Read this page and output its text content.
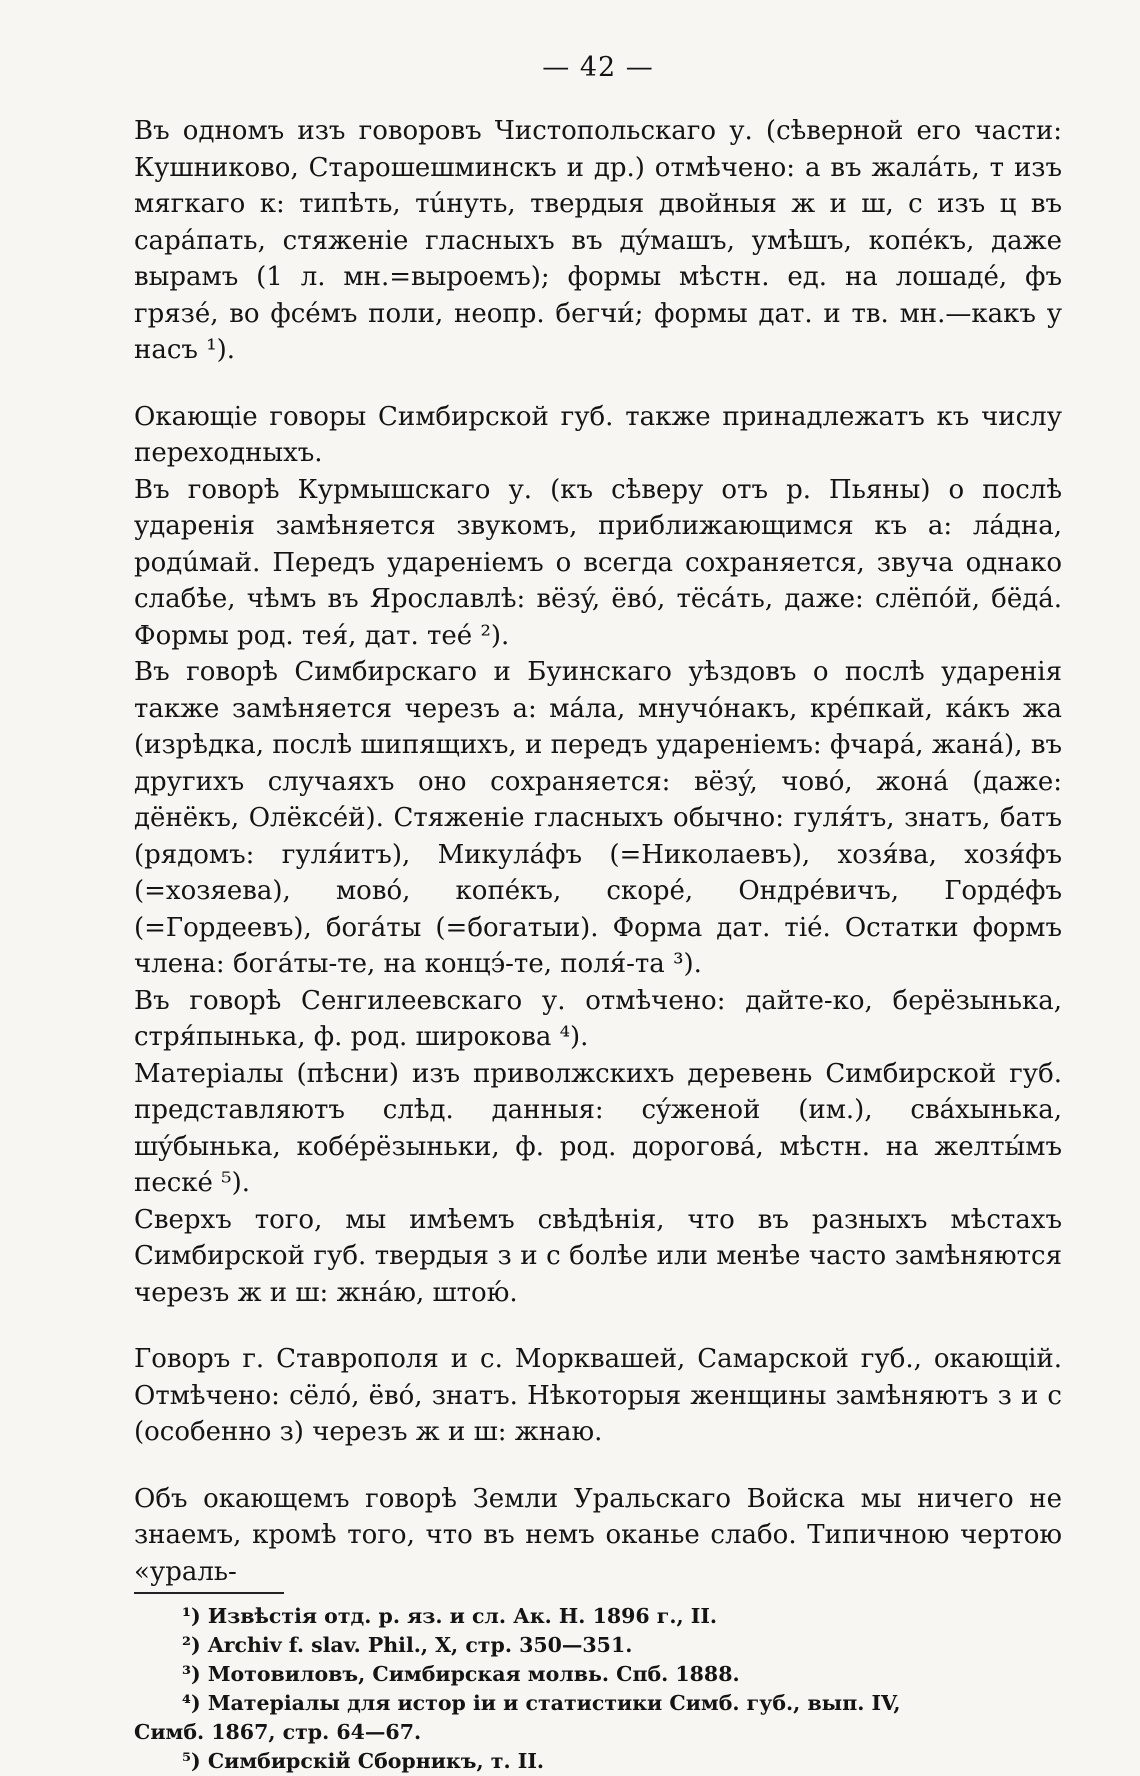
— 42 —

Въ одномъ изъ говоровъ Чистопольскаго у. (сѣверной его части: Кушниково, Старошешминскъ и др.) отмѣчено: а въ жалáть, т изъ мягкаго к: типѣть, тúнуть, твердыя двойныя ж и ш, с изъ ц въ сарáпать, стяженіе гласныхъ въ дýмашъ, умѣшъ, копéкъ, даже вырамъ (1 л. мн.=выроемъ); формы мѣстн. ед. на лошадé, фъ грязé, во фсéмъ поли, неопр. бегчи́; формы дат. и тв. мн.—какъ у насъ ¹).

Окающіе говоры Симбирской губ. также принадлежатъ къ числу переходныхъ.

Въ говорѣ Курмышскаго у. (къ сѣверу отъ р. Пьяны) о послѣ ударенія замѣняется звукомъ, приближающимся къ а: лáдна, родúмай. Передъ удареніемъ о всегда сохраняется, звуча однако слабѣе, чѣмъ въ Ярославлѣ: вёзý, ёвó, тёсáть, даже: слёпóй, бёдá. Формы род. тея́, дат. тее́ ²).

Въ говорѣ Симбирскаго и Буинскаго уѣздовъ о послѣ ударенія также замѣняется черезъ а: мáла, мнучóнакъ, крéпкай, кáкъ жа (изрѣдка, послѣ шипящихъ, и передъ удареніемъ: фчарá, жанá), въ другихъ случаяхъ оно сохраняется: вёзý, човó, жонá (даже: дёнёкъ, Олёксéй). Стяженіе гласныхъ обычно: гуля́тъ, знатъ, батъ (рядомъ: гуля́итъ), Микулáфъ (=Николаевъ), хозя́ва, хозя́фъ (=хозяева), мовó, копéкъ, скорé, Ондрéвичъ, Гордéфъ (=Гордеевъ), богáты (=богатыи). Форма дат. тіé. Остатки формъ члена: богáты-те, на концэ́-те, поля́-та ³).

Въ говорѣ Сенгилеевскаго у. отмѣчено: дайте-ко, берёзынька, стря́пынька, ф. род. широкова ⁴).

Матеріалы (пѣсни) изъ приволжскихъ деревень Симбирской губ. представляютъ слѣд. данныя: сýженой (им.), свáхынька, шýбынька, кобéрёзыньки, ф. род. дороговá, мѣстн. на желты́мъ пескé ⁵).

Сверхъ того, мы имѣемъ свѣдѣнія, что въ разныхъ мѣстахъ Симбирской губ. твердыя з и с болѣе или менѣе часто замѣняются черезъ ж и ш: жнáю, штою́.

Говоръ г. Ставрополя и с. Морквашей, Самарской губ., окающій. Отмѣчено: сёлó, ёвó, знатъ. Нѣкоторыя женщины замѣняютъ з и с (особенно з) черезъ ж и ш: жнаю.

Объ окающемъ говорѣ Земли Уральскаго Войска мы ничего не знаемъ, кромѣ того, что въ немъ оканье слабо. Типичною чертою «ураль-

¹) Извѣстія отд. р. яз. и сл. Ак. Н. 1896 г., II.

²) Archiv f. slav. Phil., X, стр. 350—351.

³) Мотовиловъ, Симбирская молвь. Спб. 1888.

⁴) Матеріалы для истор іи и статистики Симб. губ., вып. IV,

Симб. 1867, стр. 64—67.

⁵) Симбирскій Сборникъ, т. II.
